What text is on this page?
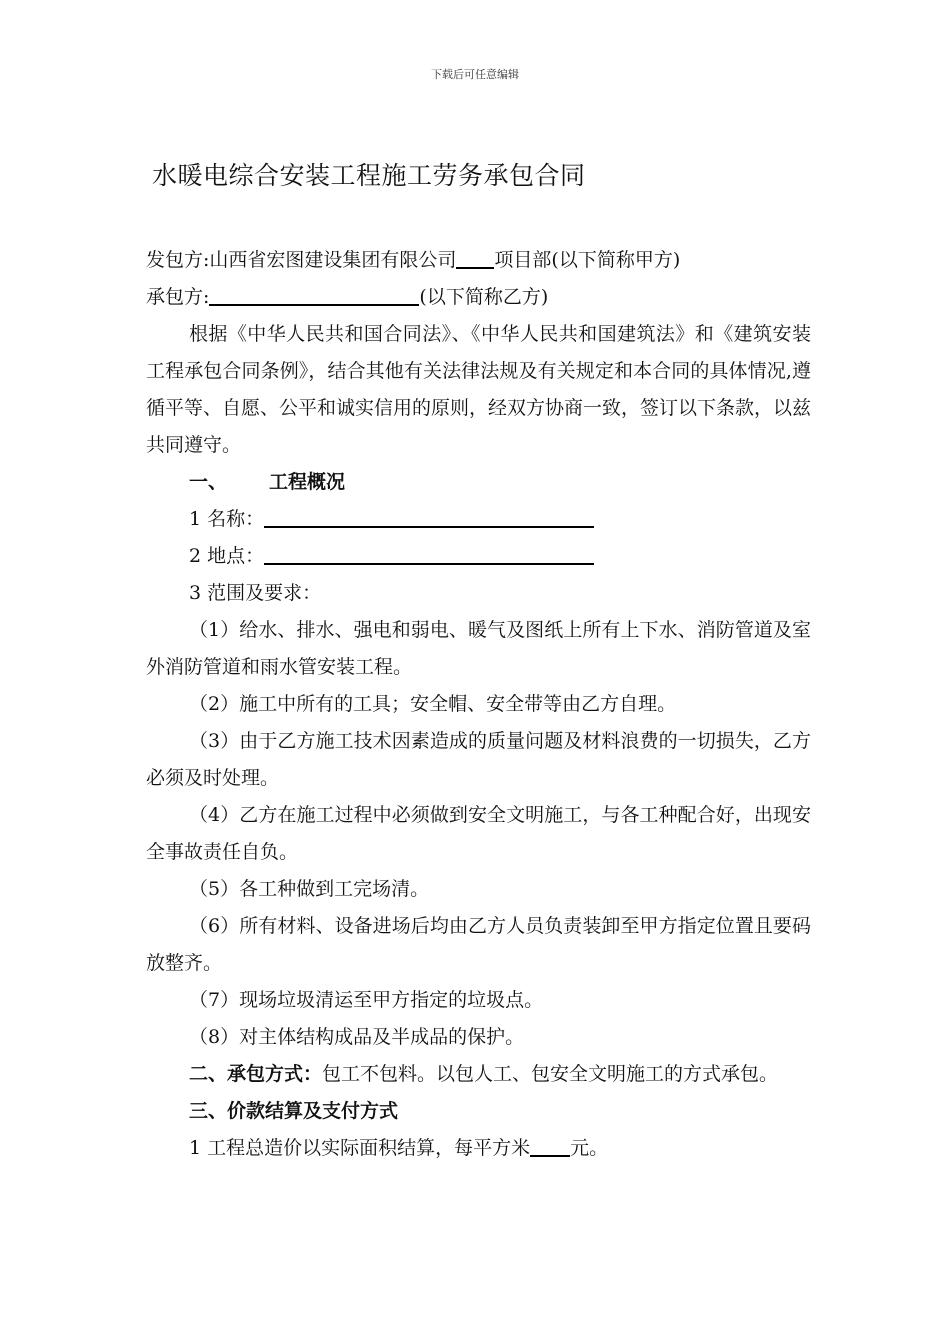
下载后可任意编辑
水暖电综合安装工程施工劳务承包合同
发包方:山西省宏图建设集团有限公司 项目部(以下简称甲方)
承包方:	(以下简称乙方)
根据《中华人民共和国合同法》、《中华人民共和国建筑法》和《建筑安装工程承包合同条例》，结合其他有关法律法规及有关规定和本合同的具体情况,遵循平等、自愿、公平和诚实信用的原则，经双方协商一致，签订以下条款，以兹共同遵守。
一、 工程概况
1 名称：
2 地点：
3 范围及要求：
（1）给水、排水、强电和弱电、暖气及图纸上所有上下水、消防管道及室外消防管道和雨水管安装工程。
（2）施工中所有的工具；安全帽、安全带等由乙方自理。
（3）由于乙方施工技术因素造成的质量问题及材料浪费的一切损失，乙方必须及时处理。
（4）乙方在施工过程中必须做到安全文明施工，与各工种配合好，出现安全事故责任自负。
（5）各工种做到工完场清。
（6）所有材料、设备进场后均由乙方人员负责装卸至甲方指定位置且要码放整齐。
（7）现场垃圾清运至甲方指定的垃圾点。
（8）对主体结构成品及半成品的保护。
二、承包方式：包工不包料。以包人工、包安全文明施工的方式承包。
三、价款结算及支付方式
1 工程总造价以实际面积结算，每平方米 元。
